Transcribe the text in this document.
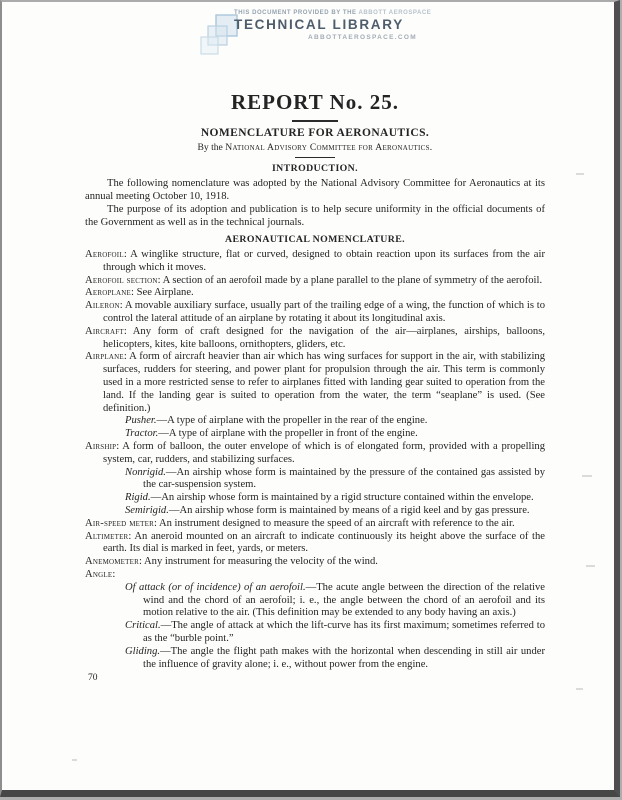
THIS DOCUMENT PROVIDED BY THE ABBOTT AEROSPACE
TECHNICAL LIBRARY
ABBOTTAEROSPACE.COM
REPORT No. 25.
NOMENCLATURE FOR AERONAUTICS.
By the National Advisory Committee for Aeronautics.
INTRODUCTION.

The following nomenclature was adopted by the National Advisory Committee for Aeronautics at its annual meeting October 10, 1918.

The purpose of its adoption and publication is to help secure uniformity in the official documents of the Government as well as in the technical journals.

AERONAUTICAL NOMENCLATURE.

Aerofoil: A winglike structure, flat or curved, designed to obtain reaction upon its surfaces from the air through which it moves.

Aerofoil section: A section of an aerofoil made by a plane parallel to the plane of symmetry of the aerofoil.

Aeroplane: See Airplane.

Aileron: A movable auxiliary surface, usually part of the trailing edge of a wing, the function of which is to control the lateral attitude of an airplane by rotating it about its longitudinal axis.

Aircraft: Any form of craft designed for the navigation of the air—airplanes, airships, balloons, helicopters, kites, kite balloons, ornithopters, gliders, etc.

Airplane: A form of aircraft heavier than air which has wing surfaces for support in the air, with stabilizing surfaces, rudders for steering, and power plant for propulsion through the air. This term is commonly used in a more restricted sense to refer to airplanes fitted with landing gear suited to operation from the land. If the landing gear is suited to operation from the water, the term “seaplane” is used. (See definition.)

Pusher.—A type of airplane with the propeller in the rear of the engine.

Tractor.—A type of airplane with the propeller in front of the engine.

Airship: A form of balloon, the outer envelope of which is of elongated form, provided with a propelling system, car, rudders, and stabilizing surfaces.

Nonrigid.—An airship whose form is maintained by the pressure of the contained gas assisted by the car-suspension system.

Rigid.—An airship whose form is maintained by a rigid structure contained within the envelope.

Semirigid.—An airship whose form is maintained by means of a rigid keel and by gas pressure.

Air-speed meter: An instrument designed to measure the speed of an aircraft with reference to the air.

Altimeter: An aneroid mounted on an aircraft to indicate continuously its height above the surface of the earth. Its dial is marked in feet, yards, or meters.

Anemometer: Any instrument for measuring the velocity of the wind.

Angle:

Of attack (or of incidence) of an aerofoil.—The acute angle between the direction of the relative wind and the chord of an aerofoil; i. e., the angle between the chord of an aerofoil and its motion relative to the air. (This definition may be extended to any body having an axis.)

Critical.—The angle of attack at which the lift-curve has its first maximum; sometimes referred to as the “burble point.”

Gliding.—The angle the flight path makes with the horizontal when descending in still air under the influence of gravity alone; i. e., without power from the engine.

70
